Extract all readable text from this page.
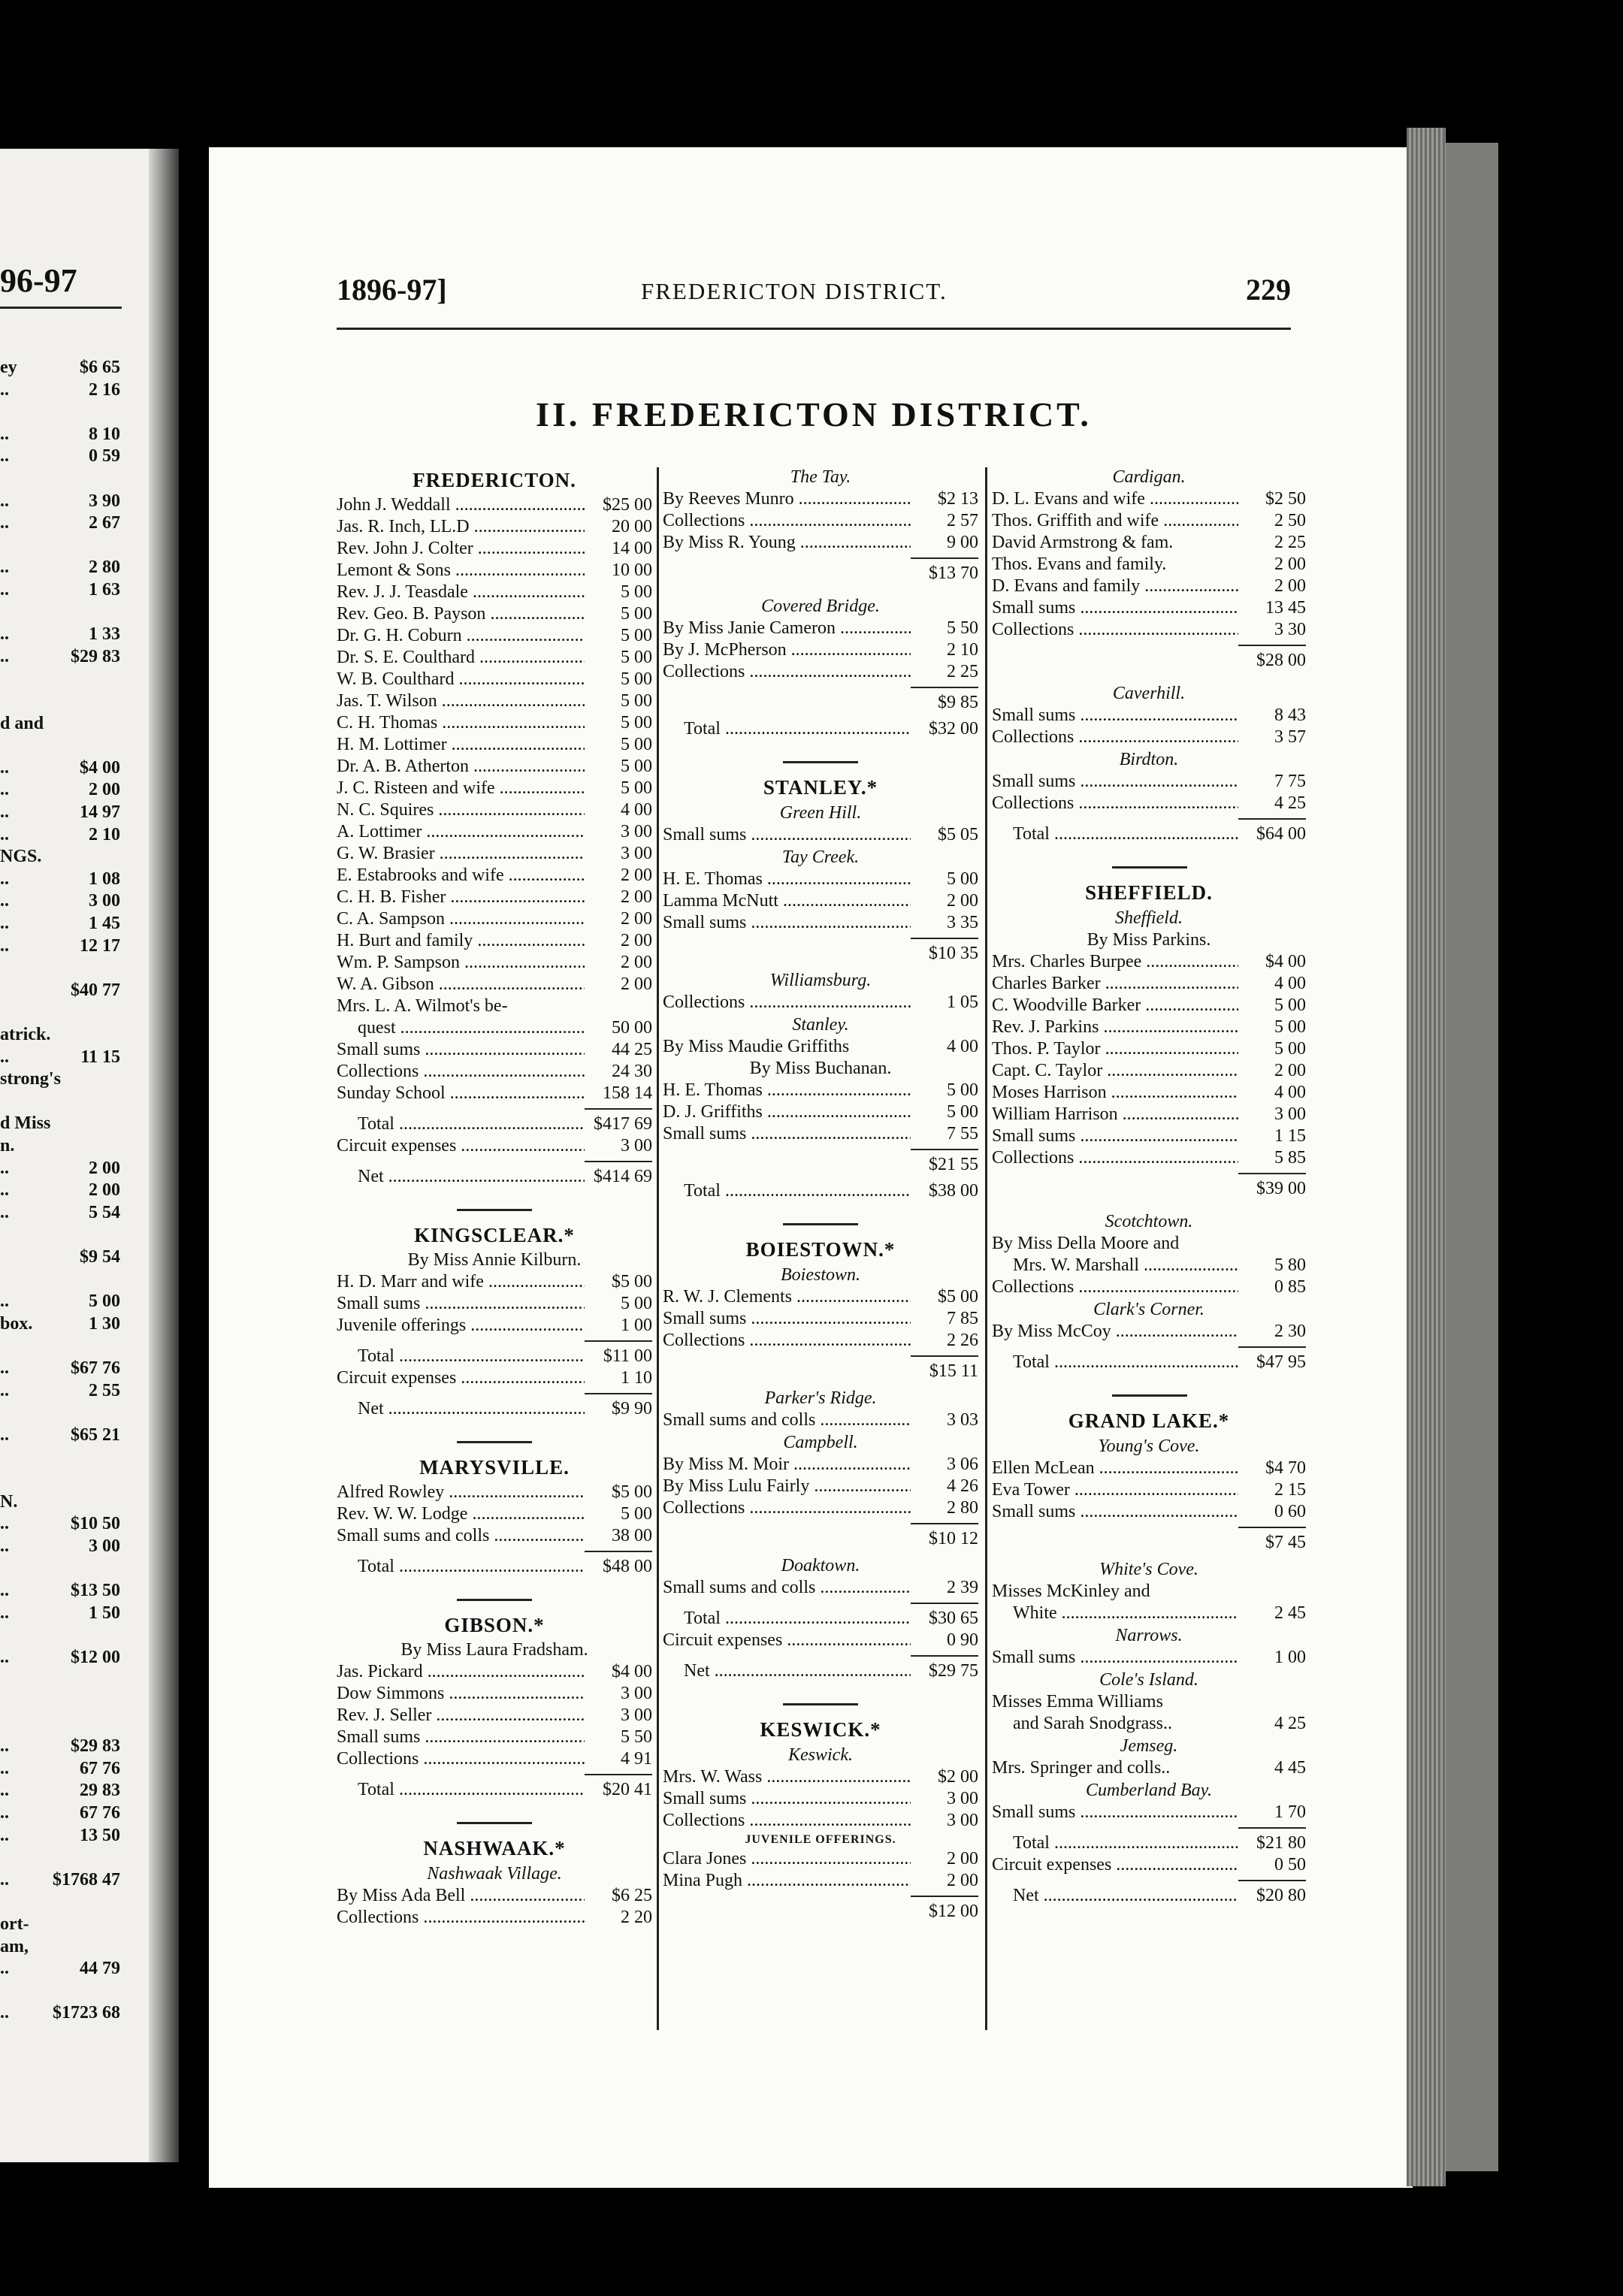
96-97
ey	$6 65
..	2 16
..	8 10
..	0 59
..	3 90
..	2 67
..	2 80
..	1 63
..	1 33
..	$29 83
d and
..	$4 00
..	2 00
..	14 97
..	2 10
NGS.
..	1 08
..	3 00
..	1 45
..	12 17
$40 77
atrick.
..	11 15
strong's
d Miss
n.
..	2 00
..	2 00
..	5 54
$9 54
..	5 00
box.	1 30
..	$67 76
..	2 55
..	$65 21
N.
..	$10 50
..	3 00
..	$13 50
..	1 50
..	$12 00
..	$29 83
..	67 76
..	29 83
..	67 76
..	13 50
.. $1768 47
ort-
am,
..	44 79
.. $1723 68
1896-97]	FREDERICTON DISTRICT.	229
II. FREDERICTON DISTRICT.
FREDERICTON.
John J. Weddall .....	$25 00
Jas. R. Inch, LL.D .....	20 00
Rev. John J. Colter .....	14 00
Lemont & Sons .....	10 00
Rev. J. J. Teasdale .....	5 00
Rev. Geo. B. Payson .....	5 00
Dr. G. H. Coburn .....	5 00
Dr. S. E. Coulthard .....	5 00
W. B. Coulthard .....	5 00
Jas. T. Wilson .....	5 00
C. H. Thomas .....	5 00
H. M. Lottimer .....	5 00
Dr. A. B. Atherton .....	5 00
J. C. Risteen and wife .....	5 00
N. C. Squires .....	4 00
A. Lottimer .....	3 00
G. W. Brasier .....	3 00
E. Estabrooks and wife .....	2 00
C. H. B. Fisher .....	2 00
C. A. Sampson .....	2 00
H. Burt and family .....	2 00
Wm. P. Sampson .....	2 00
W. A. Gibson .....	2 00
Mrs. L. A. Wilmot's be-
quest .....	50 00
Small sums .....	44 25
Collections .....	24 30
Sunday School .....	158 14
Total .....	$417 69
Circuit expenses .....	3 00
Net .....	$414 69
KINGSCLEAR.*
By Miss Annie Kilburn.
H. D. Marr and wife .....	$5 00
Small sums .....	5 00
Juvenile offerings .....	1 00
Total .....	$11 00
Circuit expenses .....	1 10
Net .....	$9 90
MARYSVILLE.
Alfred Rowley .....	$5 00
Rev. W. W. Lodge .....	5 00
Small sums and colls .....	38 00
Total .....	$48 00
GIBSON.*
By Miss Laura Fradsham.
Jas. Pickard .....	$4 00
Dow Simmons .....	3 00
Rev. J. Seller .....	3 00
Small sums .....	5 50
Collections .....	4 91
Total .....	$20 41
NASHWAAK.*
Nashwaak Village.
By Miss Ada Bell .....	$6 25
Collections .....	2 20
The Tay.
By Reeves Munro .....	$2 13
Collections .....	2 57
By Miss R. Young .....	9 00
$13 70
Covered Bridge.
By Miss Janie Cameron .....	5 50
By J. McPherson .....	2 10
Collections .....	2 25
$9 85
Total .....	$32 00
STANLEY.*
Green Hill.
Small sums .....	$5 05
Tay Creek.
H. E. Thomas .....	5 00
Lamma McNutt .....	2 00
Small sums .....	3 35
$10 35
Williamsburg.
Collections .....	1 05
Stanley.
By Miss Maudie Griffiths	4 00
By Miss Buchanan.
H. E. Thomas .....	5 00
D. J. Griffiths .....	5 00
Small sums .....	7 55
$21 55
Total .....	$38 00
BOIESTOWN.*
Boiestown.
R. W. J. Clements .....	$5 00
Small sums .....	7 85
Collections .....	2 26
$15 11
Parker's Ridge.
Small sums and colls .....	3 03
Campbell.
By Miss M. Moir .....	3 06
By Miss Lulu Fairly .....	4 26
Collections .....	2 80
$10 12
Doaktown.
Small sums and colls .....	2 39
Total .....	$30 65
Circuit expenses .....	0 90
Net .....	$29 75
KESWICK.*
Keswick.
Mrs. W. Wass .....	$2 00
Small sums .....	3 00
Collections .....	3 00
JUVENILE OFFERINGS.
Clara Jones .....	2 00
Mina Pugh .....	2 00
$12 00
Cardigan.
D. L. Evans and wife .....	$2 50
Thos. Griffith and wife .....	2 50
David Armstrong & fam.	2 25
Thos. Evans and family.	2 00
D. Evans and family .....	2 00
Small sums .....	13 45
Collections .....	3 30
$28 00
Caverhill.
Small sums .....	8 43
Collections .....	3 57
Birdton.
Small sums .....	7 75
Collections .....	4 25
Total .....	$64 00
SHEFFIELD.
Sheffield.
By Miss Parkins.
Mrs. Charles Burpee .....	$4 00
Charles Barker .....	4 00
C. Woodville Barker .....	5 00
Rev. J. Parkins .....	5 00
Thos. P. Taylor .....	5 00
Capt. C. Taylor .....	2 00
Moses Harrison .....	4 00
William Harrison .....	3 00
Small sums .....	1 15
Collections .....	5 85
$39 00
Scotchtown.
By Miss Della Moore and
Mrs. W. Marshall .....	5 80
Collections .....	0 85
Clark's Corner.
By Miss McCoy .....	2 30
Total .....	$47 95
GRAND LAKE.*
Young's Cove.
Ellen McLean .....	$4 70
Eva Tower .....	2 15
Small sums .....	0 60
$7 45
White's Cove.
Misses McKinley and
White .....	2 45
Narrows.
Small sums .....	1 00
Cole's Island.
Misses Emma Williams
and Sarah Snodgrass..	4 25
Jemseg.
Mrs. Springer and colls..	4 45
Cumberland Bay.
Small sums .....	1 70
Total .....	$21 80
Circuit expenses .....	0 50
Net .....	$20 80
